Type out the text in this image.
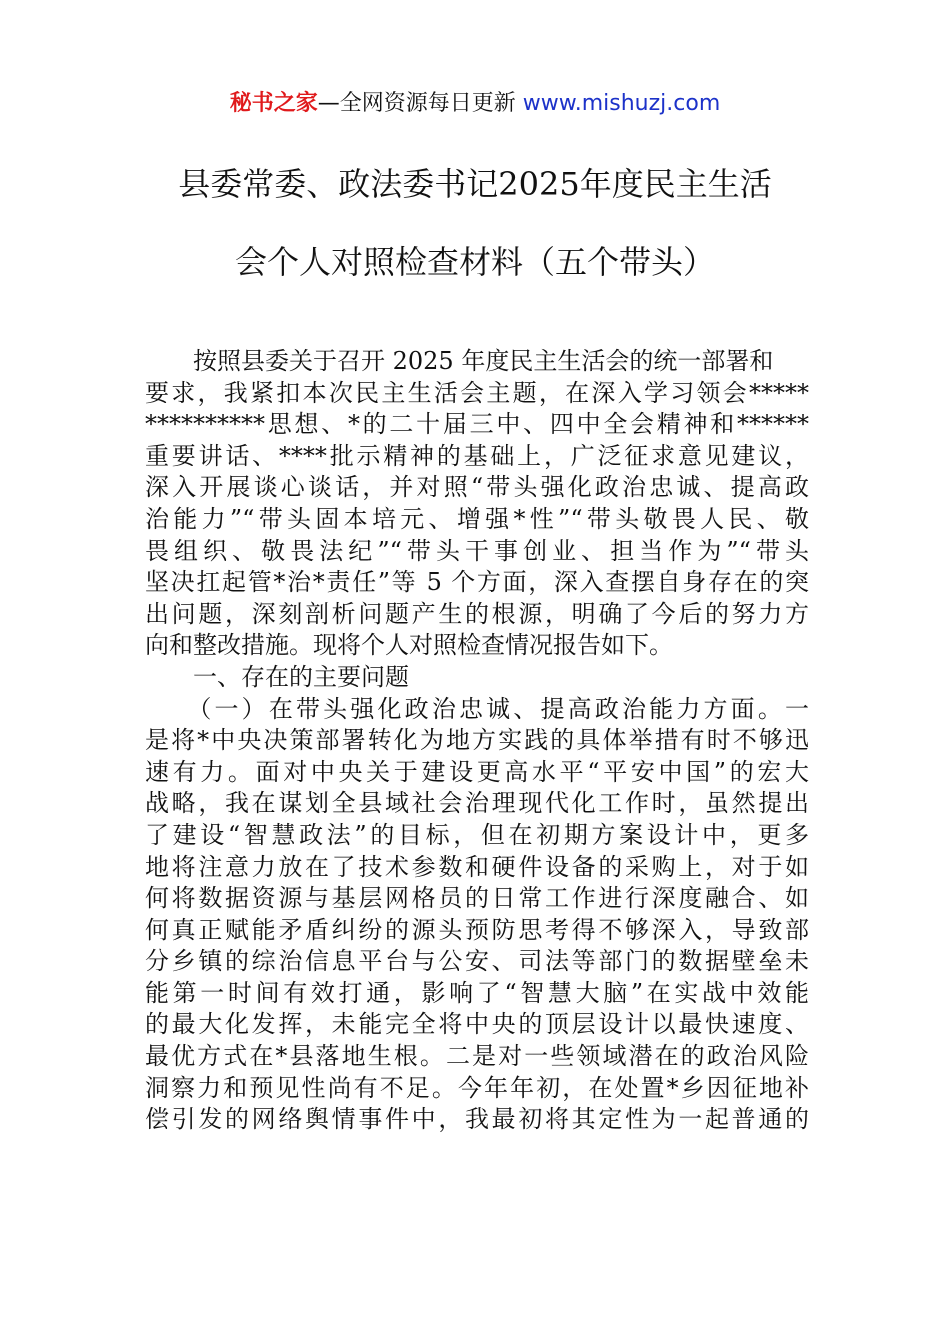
秘书之家—全网资源每日更新 www.mishuzj.com
县委常委、政法委书记2025年度民主生活
会个人对照检查材料（五个带头）
　　按照县委关于召开 2025 年度民主生活会的统一部署和
要求，我紧扣本次民主生活会主题，在深入学习领会*****
**********思想、*的二十届三中、四中全会精神和******
重要讲话、****批示精神的基础上，广泛征求意见建议，
深入开展谈心谈话，并对照“带头强化政治忠诚、提高政
治能力”“带头固本培元、增强*性”“带头敬畏人民、敬
畏组织、敬畏法纪”“带头干事创业、担当作为”“带头
坚决扛起管*治*责任”等 5 个方面，深入查摆自身存在的突
出问题，深刻剖析问题产生的根源，明确了今后的努力方
向和整改措施。现将个人对照检查情况报告如下。
　　一、存在的主要问题
　　（一）在带头强化政治忠诚、提高政治能力方面。一
是将*中央决策部署转化为地方实践的具体举措有时不够迅
速有力。面对中央关于建设更高水平“平安中国”的宏大
战略，我在谋划全县域社会治理现代化工作时，虽然提出
了建设“智慧政法”的目标，但在初期方案设计中，更多
地将注意力放在了技术参数和硬件设备的采购上，对于如
何将数据资源与基层网格员的日常工作进行深度融合、如
何真正赋能矛盾纠纷的源头预防思考得不够深入，导致部
分乡镇的综治信息平台与公安、司法等部门的数据壁垒未
能第一时间有效打通，影响了“智慧大脑”在实战中效能
的最大化发挥，未能完全将中央的顶层设计以最快速度、
最优方式在*县落地生根。二是对一些领域潜在的政治风险
洞察力和预见性尚有不足。今年年初，在处置*乡因征地补
偿引发的网络舆情事件中，我最初将其定性为一起普通的
